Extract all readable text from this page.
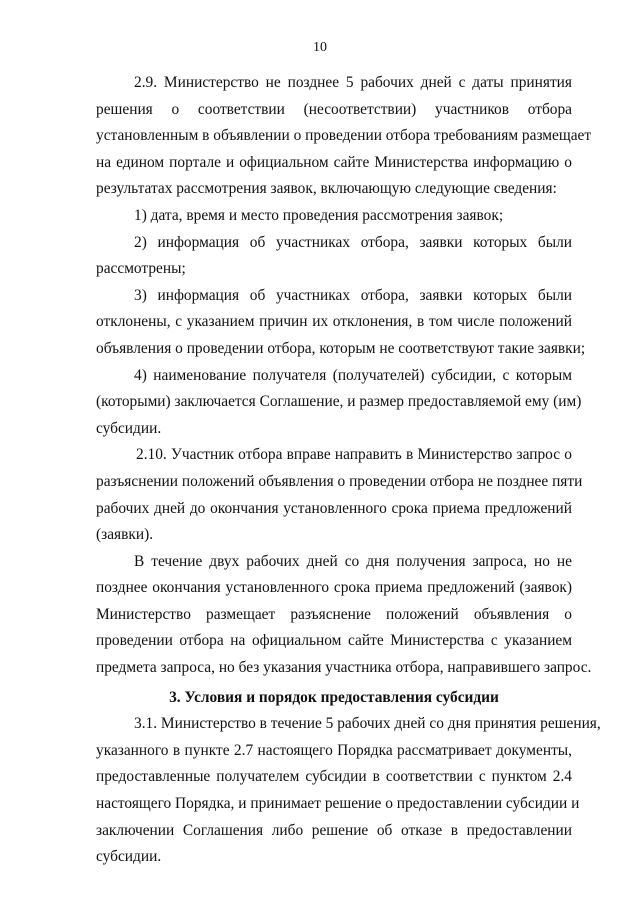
10
2.9. Министерство не позднее 5 рабочих дней с даты принятия
решения о соответствии (несоответствии) участников отбора
установленным в объявлении о проведении отбора требованиям размещает
на едином портале и официальном сайте Министерства информацию о
результатах рассмотрения заявок, включающую следующие сведения:
1) дата, время и место проведения рассмотрения заявок;
2) информация об участниках отбора, заявки которых были
рассмотрены;
3) информация об участниках отбора, заявки которых были
отклонены, с указанием причин их отклонения, в том числе положений
объявления о проведении отбора, которым не соответствуют такие заявки;
4) наименование получателя (получателей) субсидии, с которым
(которыми) заключается Соглашение, и размер предоставляемой ему (им)
субсидии.
2.10. Участник отбора вправе направить в Министерство запрос о
разъяснении положений объявления о проведении отбора не позднее пяти
рабочих дней до окончания установленного срока приема предложений
(заявки).
В течение двух рабочих дней со дня получения запроса, но не
позднее окончания установленного срока приема предложений (заявок)
Министерство размещает разъяснение положений объявления о
проведении отбора на официальном сайте Министерства с указанием
предмета запроса, но без указания участника отбора, направившего запрос.
3. Условия и порядок предоставления субсидии
3.1. Министерство в течение 5 рабочих дней со дня принятия решения,
указанного в пункте 2.7 настоящего Порядка рассматривает документы,
предоставленные получателем субсидии в соответствии с пунктом 2.4
настоящего Порядка, и принимает решение о предоставлении субсидии и
заключении Соглашения либо решение об отказе в предоставлении
субсидии.
